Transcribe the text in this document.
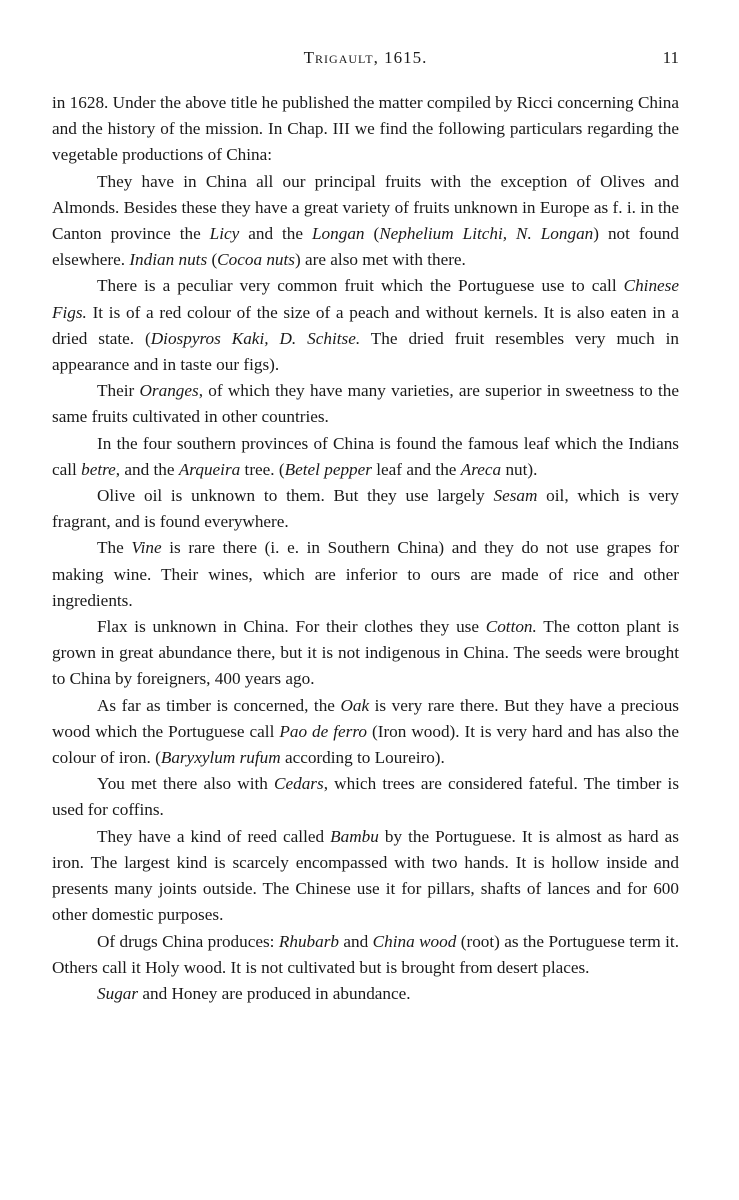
Trigault, 1615.	11

in 1628. Under the above title he published the matter compiled by Ricci concerning China and the history of the mission. In Chap. III we find the following particulars regarding the vegetable productions of China:

They have in China all our principal fruits with the exception of Olives and Almonds. Besides these they have a great variety of fruits unknown in Europe as f. i. in the Canton province the Licy and the Longan (Nephelium Litchi, N. Longan) not found elsewhere. Indian nuts (Cocoa nuts) are also met with there.

There is a peculiar very common fruit which the Portuguese use to call Chinese Figs. It is of a red colour of the size of a peach and without kernels. It is also eaten in a dried state. (Diospyros Kaki, D. Schitse. The dried fruit resembles very much in appearance and in taste our figs).

Their Oranges, of which they have many varieties, are superior in sweetness to the same fruits cultivated in other countries.

In the four southern provinces of China is found the famous leaf which the Indians call betre, and the Arqueira tree. (Betel pepper leaf and the Areca nut).

Olive oil is unknown to them. But they use largely Sesam oil, which is very fragrant, and is found everywhere.

The Vine is rare there (i. e. in Southern China) and they do not use grapes for making wine. Their wines, which are inferior to ours are made of rice and other ingredients.

Flax is unknown in China. For their clothes they use Cotton. The cotton plant is grown in great abundance there, but it is not indigenous in China. The seeds were brought to China by foreigners, 400 years ago.

As far as timber is concerned, the Oak is very rare there. But they have a precious wood which the Portuguese call Pao de ferro (Iron wood). It is very hard and has also the colour of iron. (Baryxylum rufum according to Loureiro).

You met there also with Cedars, which trees are considered fateful. The timber is used for coffins.

They have a kind of reed called Bambu by the Portuguese. It is almost as hard as iron. The largest kind is scarcely encompassed with two hands. It is hollow inside and presents many joints outside. The Chinese use it for pillars, shafts of lances and for 600 other domestic purposes.

Of drugs China produces: Rhubarb and China wood (root) as the Portuguese term it. Others call it Holy wood. It is not cultivated but is brought from desert places.

Sugar and Honey are produced in abundance.
